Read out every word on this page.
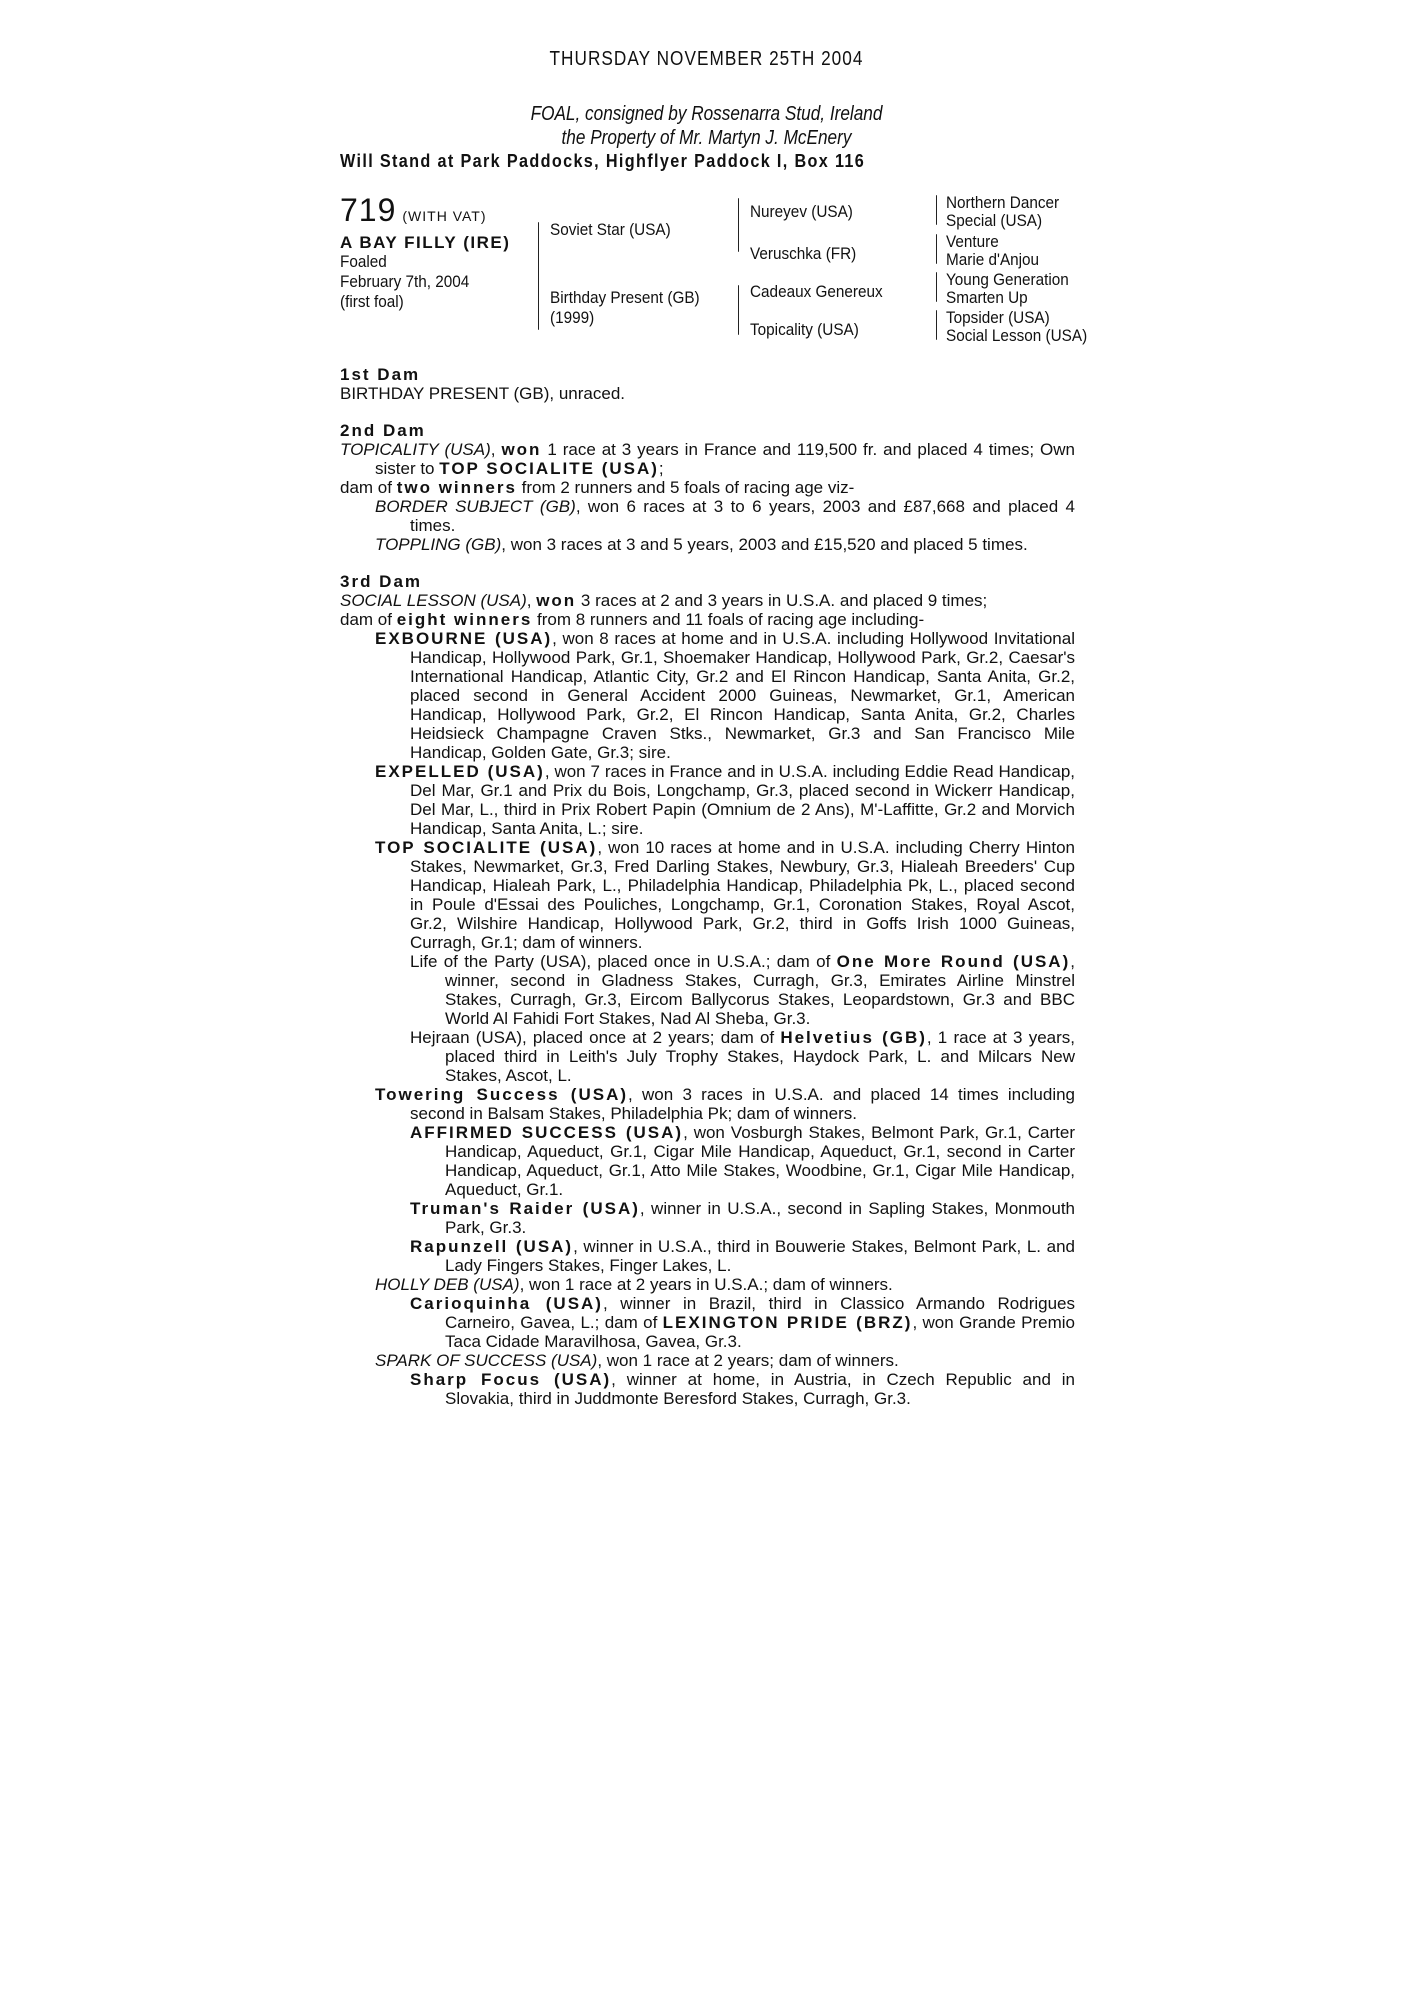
THURSDAY NOVEMBER 25TH 2004
FOAL, consigned by Rossenarra Stud, Ireland
the Property of Mr. Martyn J. McEnery
Will Stand at Park Paddocks, Highflyer Paddock I, Box 116
719 (WITH VAT)
A BAY FILLY (IRE)
Foaled
February 7th, 2004
(first foal)
Soviet Star (USA)
Birthday Present (GB)
(1999)
Nureyev (USA)
Veruschka (FR)
Cadeaux Genereux
Topicality (USA)
Northern Dancer
Special (USA)
Venture
Marie d'Anjou
Young Generation
Smarten Up
Topsider (USA)
Social Lesson (USA)
1st Dam

BIRTHDAY PRESENT (GB), unraced.

2nd Dam

TOPICALITY (USA), won 1 race at 3 years in France and 119,500 fr. and placed 4 times; Own sister to TOP SOCIALITE (USA);

dam of two winners from 2 runners and 5 foals of racing age viz-

BORDER SUBJECT (GB), won 6 races at 3 to 6 years, 2003 and £87,668 and placed 4 times.

TOPPLING (GB), won 3 races at 3 and 5 years, 2003 and £15,520 and placed 5 times.

3rd Dam

SOCIAL LESSON (USA), won 3 races at 2 and 3 years in U.S.A. and placed 9 times;

dam of eight winners from 8 runners and 11 foals of racing age including-

EXBOURNE (USA), won 8 races at home and in U.S.A. including Hollywood Invitational Handicap, Hollywood Park, Gr.1, Shoemaker Handicap, Hollywood Park, Gr.2, Caesar's International Handicap, Atlantic City, Gr.2 and El Rincon Handicap, Santa Anita, Gr.2, placed second in General Accident 2000 Guineas, Newmarket, Gr.1, American Handicap, Hollywood Park, Gr.2, El Rincon Handicap, Santa Anita, Gr.2, Charles Heidsieck Champagne Craven Stks., Newmarket, Gr.3 and San Francisco Mile Handicap, Golden Gate, Gr.3; sire.

EXPELLED (USA), won 7 races in France and in U.S.A. including Eddie Read Handicap, Del Mar, Gr.1 and Prix du Bois, Longchamp, Gr.3, placed second in Wickerr Handicap, Del Mar, L., third in Prix Robert Papin (Omnium de 2 Ans), M'-Laffitte, Gr.2 and Morvich Handicap, Santa Anita, L.; sire.

TOP SOCIALITE (USA), won 10 races at home and in U.S.A. including Cherry Hinton Stakes, Newmarket, Gr.3, Fred Darling Stakes, Newbury, Gr.3, Hialeah Breeders' Cup Handicap, Hialeah Park, L., Philadelphia Handicap, Philadelphia Pk, L., placed second in Poule d'Essai des Pouliches, Longchamp, Gr.1, Coronation Stakes, Royal Ascot, Gr.2, Wilshire Handicap, Hollywood Park, Gr.2, third in Goffs Irish 1000 Guineas, Curragh, Gr.1; dam of winners.

Life of the Party (USA), placed once in U.S.A.; dam of One More Round (USA), winner, second in Gladness Stakes, Curragh, Gr.3, Emirates Airline Minstrel Stakes, Curragh, Gr.3, Eircom Ballycorus Stakes, Leopardstown, Gr.3 and BBC World Al Fahidi Fort Stakes, Nad Al Sheba, Gr.3.

Hejraan (USA), placed once at 2 years; dam of Helvetius (GB), 1 race at 3 years, placed third in Leith's July Trophy Stakes, Haydock Park, L. and Milcars New Stakes, Ascot, L.

Towering Success (USA), won 3 races in U.S.A. and placed 14 times including second in Balsam Stakes, Philadelphia Pk; dam of winners.

AFFIRMED SUCCESS (USA), won Vosburgh Stakes, Belmont Park, Gr.1, Carter Handicap, Aqueduct, Gr.1, Cigar Mile Handicap, Aqueduct, Gr.1, second in Carter Handicap, Aqueduct, Gr.1, Atto Mile Stakes, Woodbine, Gr.1, Cigar Mile Handicap, Aqueduct, Gr.1.

Truman's Raider (USA), winner in U.S.A., second in Sapling Stakes, Monmouth Park, Gr.3.

Rapunzell (USA), winner in U.S.A., third in Bouwerie Stakes, Belmont Park, L. and Lady Fingers Stakes, Finger Lakes, L.

HOLLY DEB (USA), won 1 race at 2 years in U.S.A.; dam of winners.

Carioquinha (USA), winner in Brazil, third in Classico Armando Rodrigues Carneiro, Gavea, L.; dam of LEXINGTON PRIDE (BRZ), won Grande Premio Taca Cidade Maravilhosa, Gavea, Gr.3.

SPARK OF SUCCESS (USA), won 1 race at 2 years; dam of winners.

Sharp Focus (USA), winner at home, in Austria, in Czech Republic and in Slovakia, third in Juddmonte Beresford Stakes, Curragh, Gr.3.
